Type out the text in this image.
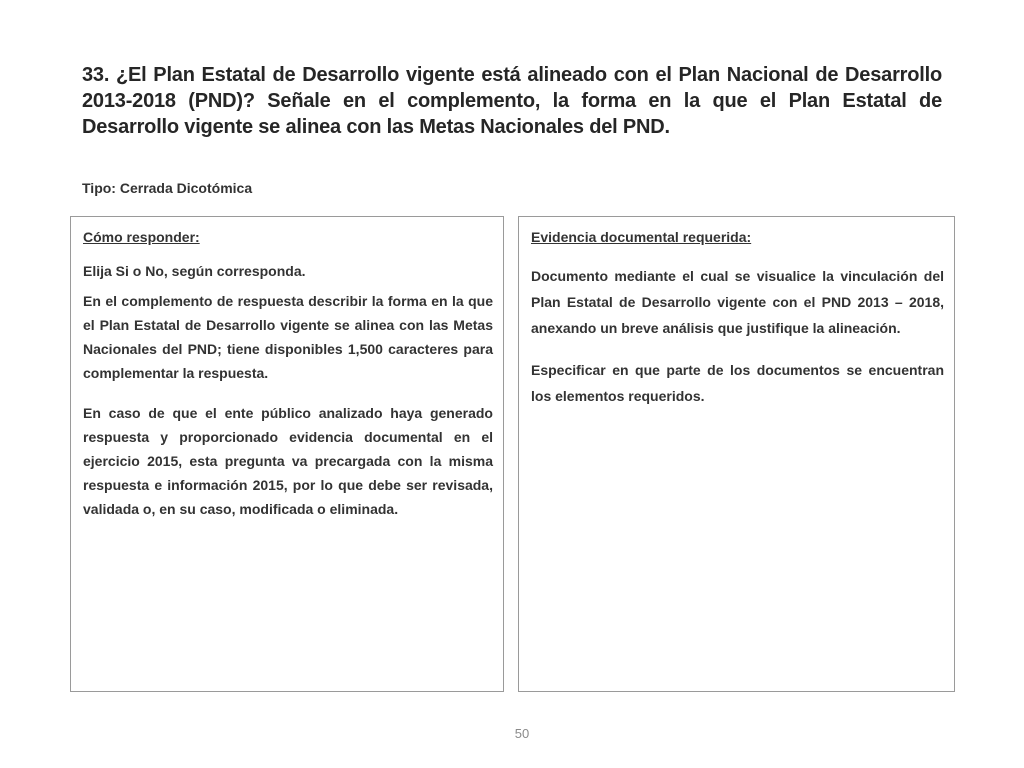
33. ¿El Plan Estatal de Desarrollo vigente está alineado con el Plan Nacional de Desarrollo 2013-2018 (PND)? Señale en el complemento, la forma en la que el Plan Estatal de Desarrollo vigente se alinea con las Metas Nacionales del PND.

Tipo: Cerrada Dicotómica

Cómo responder:

Elija Si o No, según corresponda.

En el complemento de respuesta describir la forma en la que el Plan Estatal de Desarrollo vigente se alinea con las Metas Nacionales del PND; tiene disponibles 1,500 caracteres para complementar la respuesta.

En caso de que el ente público analizado haya generado respuesta y proporcionado evidencia documental en el ejercicio 2015, esta pregunta va precargada con la misma respuesta e información 2015, por lo que debe ser revisada, validada o, en su caso, modificada o eliminada.

Evidencia documental requerida:

Documento mediante el cual se visualice la vinculación del Plan Estatal de Desarrollo vigente con el PND 2013 – 2018, anexando un breve análisis que justifique la alineación.

Especificar en que parte de los documentos se encuentran los elementos requeridos.

50
